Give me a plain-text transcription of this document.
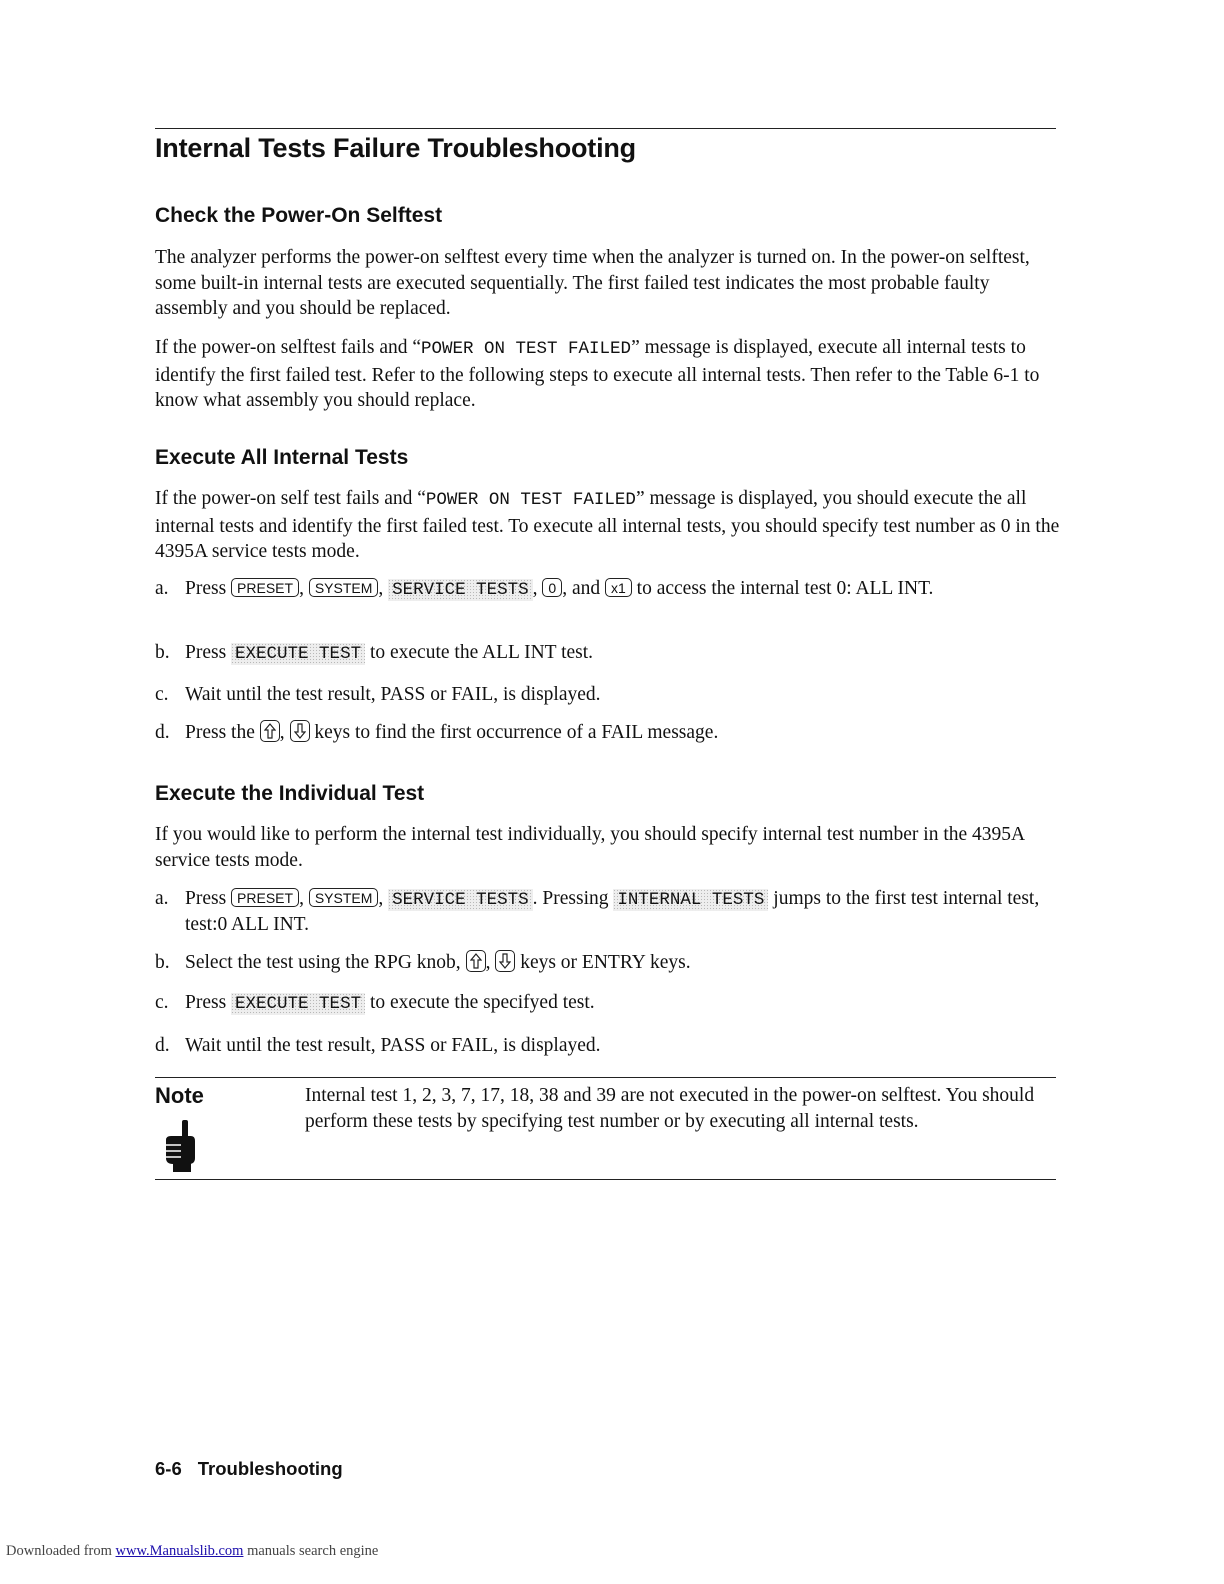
Internal Tests Failure Troubleshooting
Check the Power-On Selftest

The analyzer performs the power-on selftest every time when the analyzer is turned on. In the power-on selftest, some built-in internal tests are executed sequentially. The first failed test indicates the most probable faulty assembly and you should be replaced.

If the power-on selftest fails and “POWER ON TEST FAILED” message is displayed, execute all internal tests to identify the first failed test. Refer to the following steps to execute all internal tests. Then refer to the Table 6-1 to know what assembly you should replace.

Execute All Internal Tests

If the power-on self test fails and “POWER ON TEST FAILED” message is displayed, you should execute the all internal tests and identify the first failed test. To execute all internal tests, you should specify test number as 0 in the 4395A service tests mode.

a. Press PRESET , SYSTEM , SERVICE TESTS , 0 , and x1 to access the internal test 0: ALL INT.
b. Press EXECUTE TEST to execute the ALL INT test.
c. Wait until the test result, PASS or FAIL, is displayed.
d. Press the ,
keys to find the first occurrence of a FAIL message.
Execute the Individual Test

If you would like to perform the internal test individually, you should specify internal test number in the 4395A service tests mode.

a. Press PRESET , SYSTEM , SERVICE TESTS . Pressing INTERNAL TESTS jumps to the first test internal test, test:0 ALL INT.
b. Select the test using the RPG knob, ,
keys or ENTRY keys.
c. Press EXECUTE TEST to execute the specifyed test.
d. Wait until the test result, PASS or FAIL, is displayed.
Note	Internal test 1, 2, 3, 7, 17, 18, 38 and 39 are not executed in the power-on selftest. You should perform these tests by specifying test number or by executing all internal tests.
6-6 Troubleshooting
Downloaded from www.Manualslib.com manuals search engine
